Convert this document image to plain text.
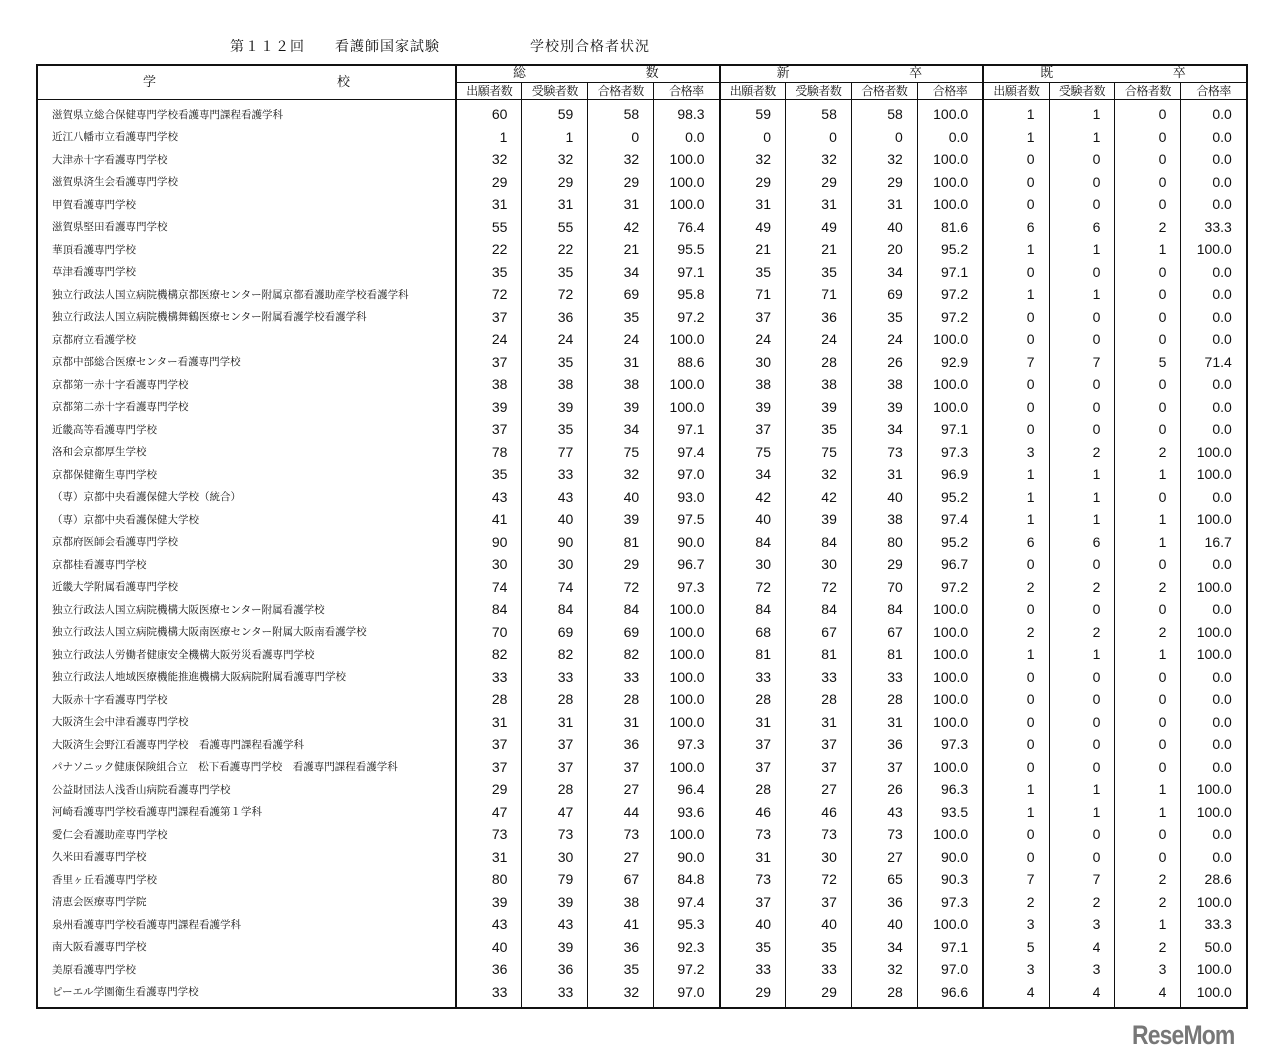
第１１２回 看護師国家試験	学校別合格者状況
学 校	総 数				新 卒				既 卒			

	出願者数	受験者数	合格者数	合格率	出願者数	受験者数	合格者数	合格率	出願者数	受験者数	合格者数	合格率
滋賀県立総合保健専門学校看護専門課程看護学科	60	59	58	98.3	59	58	58	100.0	1	1	0	0.0
近江八幡市立看護専門学校	1	1	0	0.0	0	0	0	0.0	1	1	0	0.0
大津赤十字看護専門学校	32	32	32	100.0	32	32	32	100.0	0	0	0	0.0
滋賀県済生会看護専門学校	29	29	29	100.0	29	29	29	100.0	0	0	0	0.0
甲賀看護専門学校	31	31	31	100.0	31	31	31	100.0	0	0	0	0.0
滋賀県堅田看護専門学校	55	55	42	76.4	49	49	40	81.6	6	6	2	33.3
華頂看護専門学校	22	22	21	95.5	21	21	20	95.2	1	1	1	100.0
草津看護専門学校	35	35	34	97.1	35	35	34	97.1	0	0	0	0.0
独立行政法人国立病院機構京都医療センター附属京都看護助産学校看護学科	72	72	69	95.8	71	71	69	97.2	1	1	0	0.0
独立行政法人国立病院機構舞鶴医療センター附属看護学校看護学科	37	36	35	97.2	37	36	35	97.2	0	0	0	0.0
京都府立看護学校	24	24	24	100.0	24	24	24	100.0	0	0	0	0.0
京都中部総合医療センター看護専門学校	37	35	31	88.6	30	28	26	92.9	7	7	5	71.4
京都第一赤十字看護専門学校	38	38	38	100.0	38	38	38	100.0	0	0	0	0.0
京都第二赤十字看護専門学校	39	39	39	100.0	39	39	39	100.0	0	0	0	0.0
近畿高等看護専門学校	37	35	34	97.1	37	35	34	97.1	0	0	0	0.0
洛和会京都厚生学校	78	77	75	97.4	75	75	73	97.3	3	2	2	100.0
京都保健衛生専門学校	35	33	32	97.0	34	32	31	96.9	1	1	1	100.0
（専）京都中央看護保健大学校（統合）	43	43	40	93.0	42	42	40	95.2	1	1	0	0.0
（専）京都中央看護保健大学校	41	40	39	97.5	40	39	38	97.4	1	1	1	100.0
京都府医師会看護専門学校	90	90	81	90.0	84	84	80	95.2	6	6	1	16.7
京都桂看護専門学校	30	30	29	96.7	30	30	29	96.7	0	0	0	0.0
近畿大学附属看護専門学校	74	74	72	97.3	72	72	70	97.2	2	2	2	100.0
独立行政法人国立病院機構大阪医療センター附属看護学校	84	84	84	100.0	84	84	84	100.0	0	0	0	0.0
独立行政法人国立病院機構大阪南医療センター附属大阪南看護学校	70	69	69	100.0	68	67	67	100.0	2	2	2	100.0
独立行政法人労働者健康安全機構大阪労災看護専門学校	82	82	82	100.0	81	81	81	100.0	1	1	1	100.0
独立行政法人地域医療機能推進機構大阪病院附属看護専門学校	33	33	33	100.0	33	33	33	100.0	0	0	0	0.0
大阪赤十字看護専門学校	28	28	28	100.0	28	28	28	100.0	0	0	0	0.0
大阪済生会中津看護専門学校	31	31	31	100.0	31	31	31	100.0	0	0	0	0.0
大阪済生会野江看護専門学校　看護専門課程看護学科	37	37	36	97.3	37	37	36	97.3	0	0	0	0.0
パナソニック健康保険組合立　松下看護専門学校　看護専門課程看護学科	37	37	37	100.0	37	37	37	100.0	0	0	0	0.0
公益財団法人浅香山病院看護専門学校	29	28	27	96.4	28	27	26	96.3	1	1	1	100.0
河崎看護専門学校看護専門課程看護第１学科	47	47	44	93.6	46	46	43	93.5	1	1	1	100.0
愛仁会看護助産専門学校	73	73	73	100.0	73	73	73	100.0	0	0	0	0.0
久米田看護専門学校	31	30	27	90.0	31	30	27	90.0	0	0	0	0.0
香里ヶ丘看護専門学校	80	79	67	84.8	73	72	65	90.3	7	7	2	28.6
清恵会医療専門学院	39	39	38	97.4	37	37	36	97.3	2	2	2	100.0
泉州看護専門学校看護専門課程看護学科	43	43	41	95.3	40	40	40	100.0	3	3	1	33.3
南大阪看護専門学校	40	39	36	92.3	35	35	34	97.1	5	4	2	50.0
美原看護専門学校	36	36	35	97.2	33	33	32	97.0	3	3	3	100.0
ピーエル学園衛生看護専門学校	33	33	32	97.0	29	29	28	96.6	4	4	4	100.0
ReseMom
